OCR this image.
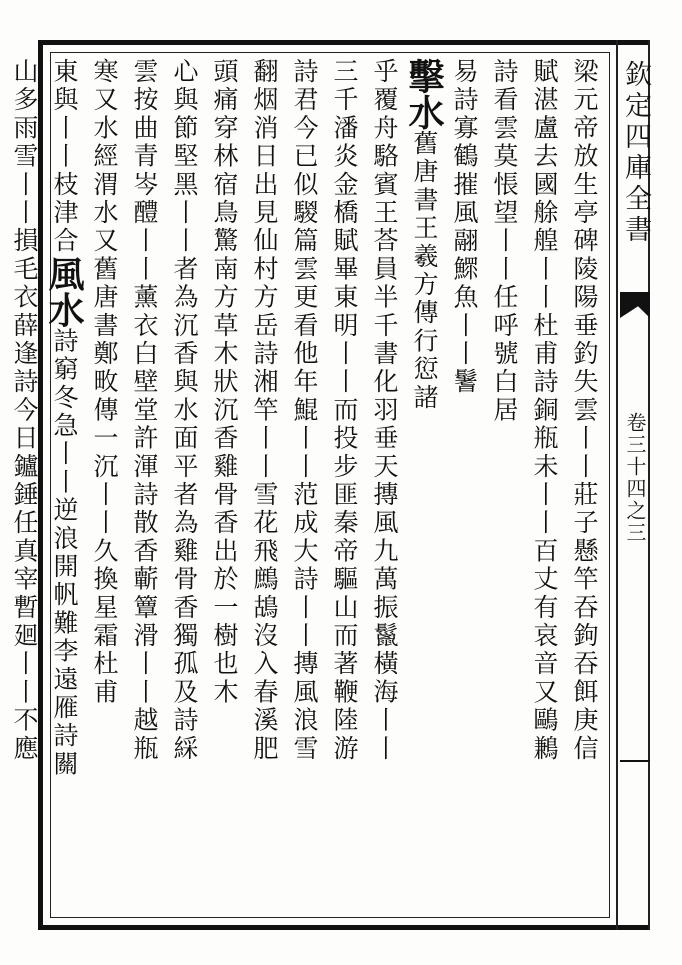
欽定四庫全書
卷三十四之三
梁元帝放生亭碑陵陽垂釣失雲丨丨莊子懸竿吞鉤吞餌庚信
賦湛盧去國艅艎丨丨杜甫詩銅瓶未丨丨百丈有哀音又鷗鶼
詩看雲莫悵望丨丨任呼號白居
易詩寡鶴摧風翮鰥魚丨丨鬐
擊水舊唐書王羲方傳行愆諸
乎覆舟駱賓王荅員半千書化羽垂天摶風九萬振鬣橫海丨丨
三千潘炎金橋賦畢東明丨丨而投步匪秦帝驅山而著鞭陸游
詩君今已似騣篇雲更看他年鯤丨丨范成大詩丨丨摶風浪雪
翻烟消日出見仙村方岳詩湘竿丨丨雪花飛鷓鴣沒入春溪肥
頭痛穿林宿鳥驚南方草木狀沉香雞骨香出於一樹也木
心與節堅黑丨丨者為沉香與水面平者為雞骨香獨孤及詩綵
雲按曲青岑醴丨丨薰衣白壁堂許渾詩散香蘄簟滑丨丨越瓶
寒又水經渭水又舊唐書鄭畋傳一沉丨丨久換星霜杜甫
東與丨丨枝津合風水詩窮冬急丨丨逆浪開帆難李遠雁詩關
山多雨雪丨丨損毛衣薛逢詩今日鑪錘任真宰暫廻丨丨不應
